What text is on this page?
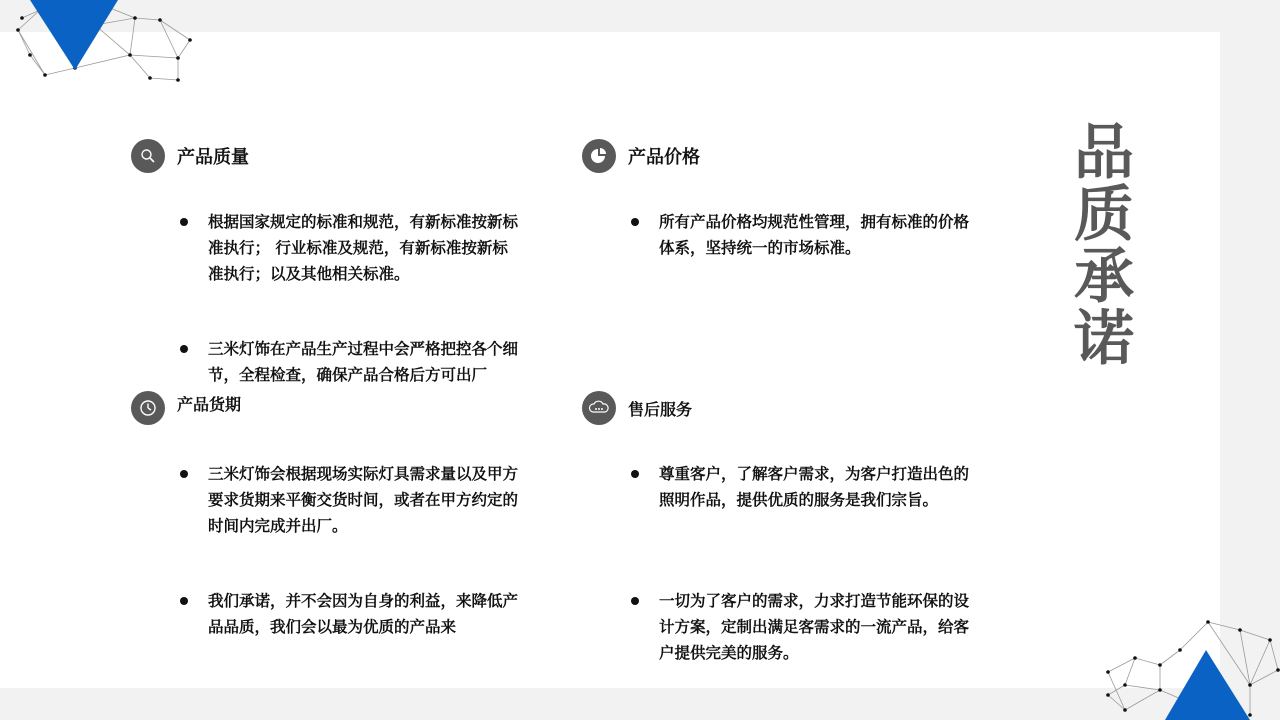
产品质量
根据国家规定的标准和规范，有新标准按新标准执行； 行业标准及规范，有新标准按新标准执行；以及其他相关标准。
三米灯饰在产品生产过程中会严格把控各个细节，全程检查，确保产品合格后方可出厂
产品价格
所有产品价格均规范性管理，拥有标准的价格体系，坚持统一的市场标准。
产品货期
三米灯饰会根据现场实际灯具需求量以及甲方要求货期来平衡交货时间，或者在甲方约定的时间内完成并出厂。
我们承诺，并不会因为自身的利益，来降低产品品质，我们会以最为优质的产品来
售后服务
尊重客户，了解客户需求，为客户打造出色的照明作品，提供优质的服务是我们宗旨。
一切为了客户的需求，力求打造节能环保的设计方案，定制出满足客需求的一流产品，给客户提供完美的服务。
品
质
承
诺
